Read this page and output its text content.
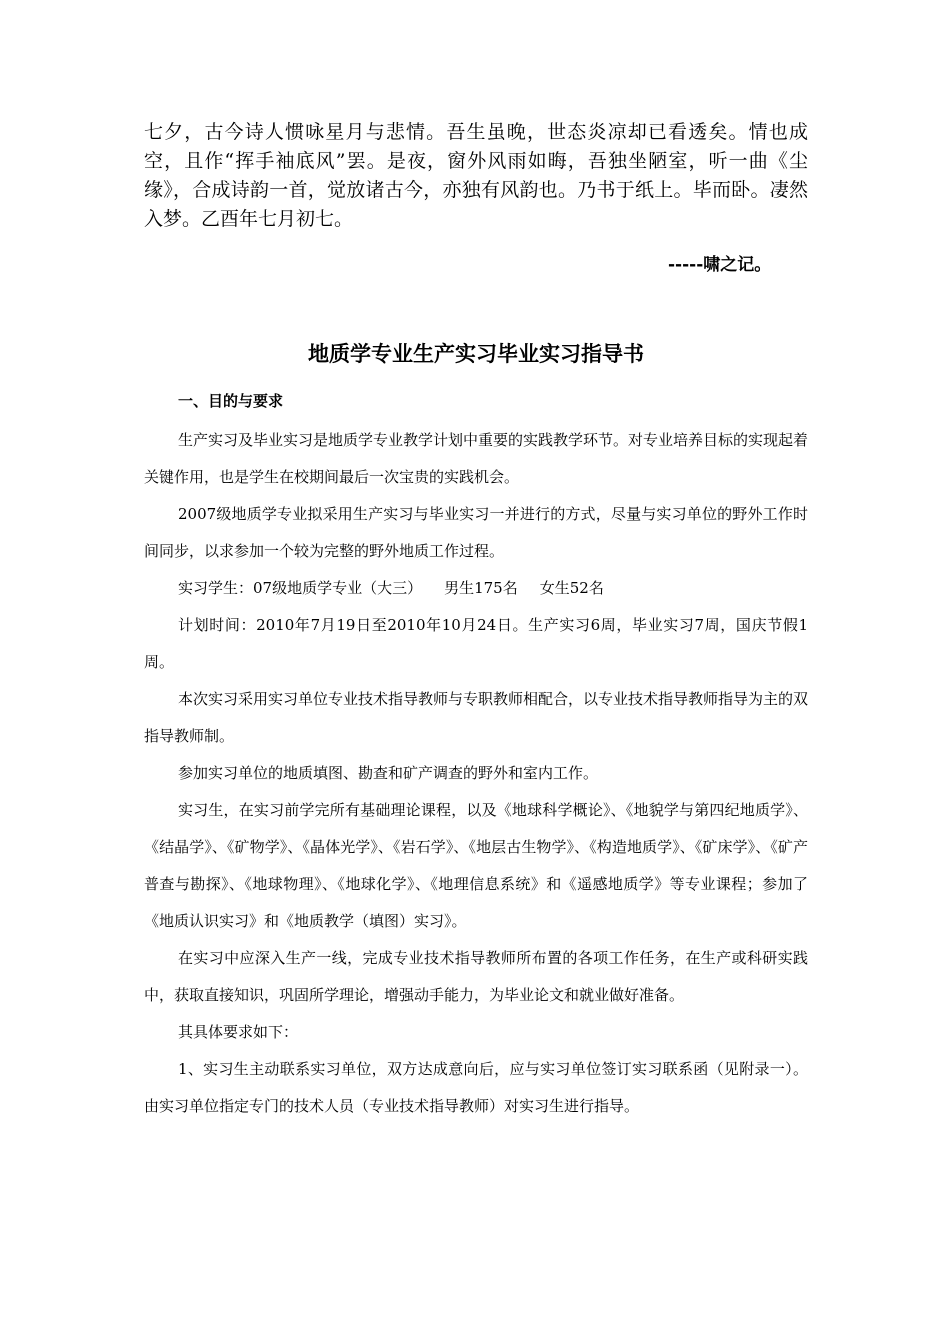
七夕，古今诗人惯咏星月与悲情。吾生虽晚，世态炎凉却已看透矣。情也成空，且作“挥手袖底风”罢。是夜，窗外风雨如晦，吾独坐陋室，听一曲《尘缘》，合成诗韵一首，觉放诸古今，亦独有风韵也。乃书于纸上。毕而卧。凄然入梦。乙酉年七月初七。

-----啸之记。
地质学专业生产实习毕业实习指导书
一、目的与要求

生产实习及毕业实习是地质学专业教学计划中重要的实践教学环节。对专业培养目标的实现起着关键作用，也是学生在校期间最后一次宝贵的实践机会。

2007级地质学专业拟采用生产实习与毕业实习一并进行的方式，尽量与实习单位的野外工作时间同步，以求参加一个较为完整的野外地质工作过程。

实习学生：07级地质学专业（大三） 男生175名 女生52名

计划时间：2010年7月19日至2010年10月24日。生产实习6周，毕业实习7周，国庆节假1周。

本次实习采用实习单位专业技术指导教师与专职教师相配合，以专业技术指导教师指导为主的双指导教师制。

参加实习单位的地质填图、勘查和矿产调查的野外和室内工作。

实习生，在实习前学完所有基础理论课程，以及《地球科学概论》、《地貌学与第四纪地质学》、《结晶学》、《矿物学》、《晶体光学》、《岩石学》、《地层古生物学》、《构造地质学》、《矿床学》、《矿产普查与勘探》、《地球物理》、《地球化学》、《地理信息系统》和《遥感地质学》等专业课程；参加了《地质认识实习》和《地质教学（填图）实习》。

在实习中应深入生产一线，完成专业技术指导教师所布置的各项工作任务，在生产或科研实践中，获取直接知识，巩固所学理论，增强动手能力，为毕业论文和就业做好准备。

其具体要求如下：

1、实习生主动联系实习单位，双方达成意向后，应与实习单位签订实习联系函（见附录一）。由实习单位指定专门的技术人员（专业技术指导教师）对实习生进行指导。
